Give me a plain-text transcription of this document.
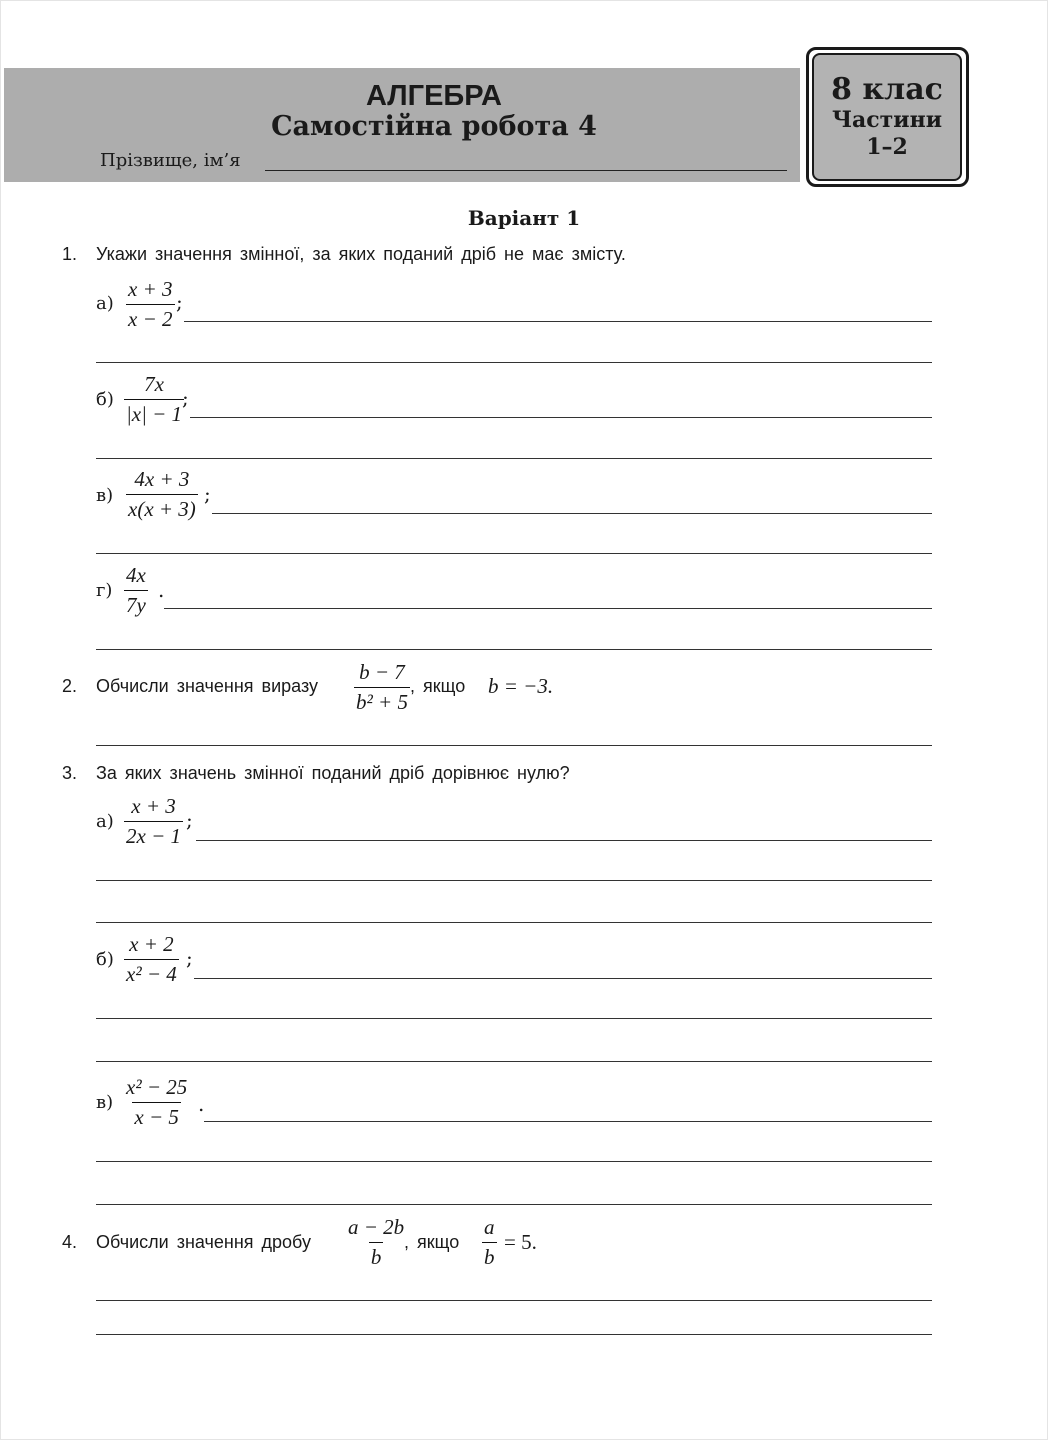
АЛГЕБРА
Самостійна робота 4
Прізвище, ім’я
8 клас
Частини
1–2
Варіант 1
1. Укажи значення змінної, за яких поданий дріб не має змісту.
$а) \frac{x + 3}{x - 2}$ ;
$б) \frac{7x}{|x| - 1}$
;
$в) \frac{4x + 3}{x(x + 3)}$ ;
$г) \frac{4x}{7y}$ .
2. Обчисли значення виразу $\frac{b - 7}{\text{b² + 5}}$ , якщо b = −3.
3. За яких значень змінної поданий дріб дорівнює нулю?
$а) \frac{x + 3}{2x - 1}$ ;
$б) \frac{x + 2}{\text{x² − 4}}$ ;
$в) \frac{\text{x² − 25}}{x - 5}$ .
4. Обчисли значення дробу $\frac{a - 2b}{b}$
, якщо $\frac{a}{b} = 5$.
